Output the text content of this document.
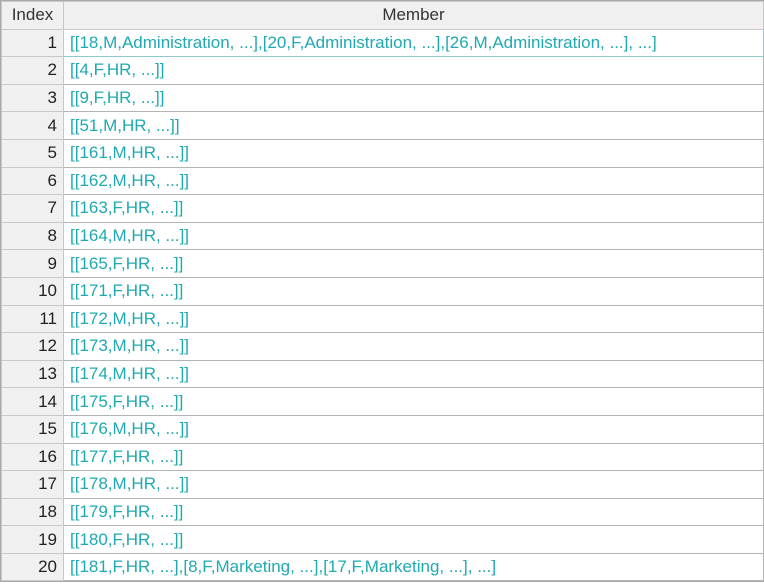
Index	Member
1	[[18,M,Administration, ...],[20,F,Administration, ...],[26,M,Administration, ...], ...]
2	[[4,F,HR, ...]]
3	[[9,F,HR, ...]]
4	[[51,M,HR, ...]]
5	[[161,M,HR, ...]]
6	[[162,M,HR, ...]]
7	[[163,F,HR, ...]]
8	[[164,M,HR, ...]]
9	[[165,F,HR, ...]]
10	[[171,F,HR, ...]]
11	[[172,M,HR, ...]]
12	[[173,M,HR, ...]]
13	[[174,M,HR, ...]]
14	[[175,F,HR, ...]]
15	[[176,M,HR, ...]]
16	[[177,F,HR, ...]]
17	[[178,M,HR, ...]]
18	[[179,F,HR, ...]]
19	[[180,F,HR, ...]]
20	[[181,F,HR, ...],[8,F,Marketing, ...],[17,F,Marketing, ...], ...]
